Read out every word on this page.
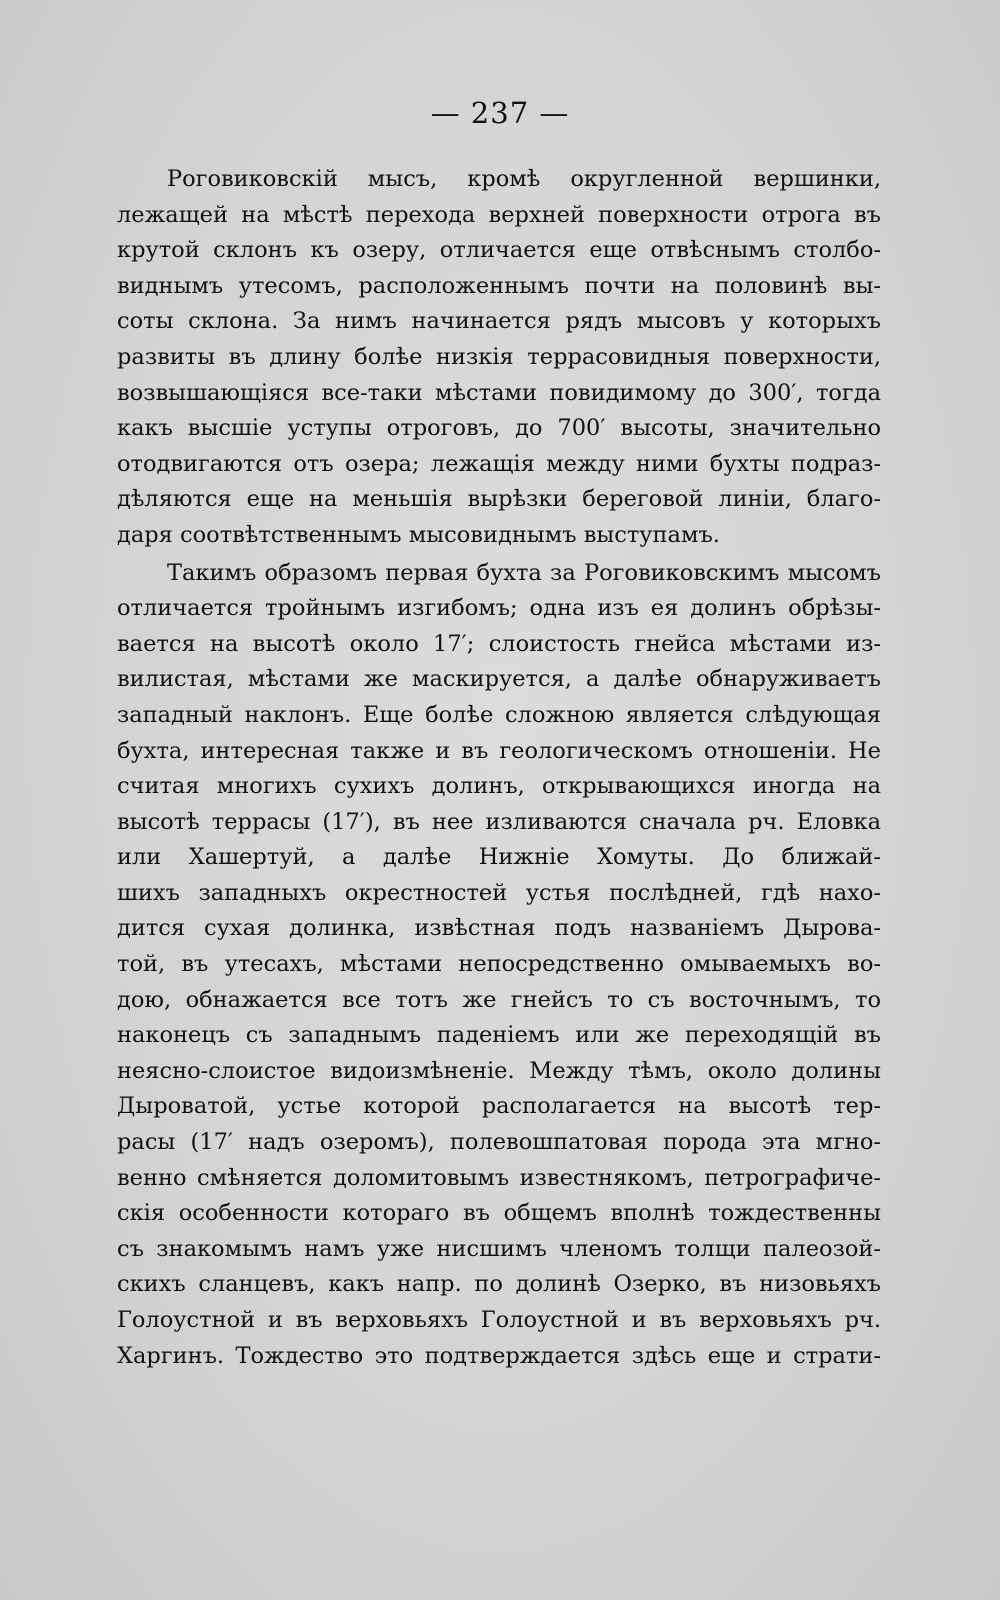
— 237 —
Роговиковскій мысъ, кромѣ округленной вершинки,
лежащей на мѣстѣ перехода верхней поверхности отрога въ
крутой склонъ къ озеру, отличается еще отвѣснымъ столбо-
виднымъ утесомъ, расположеннымъ почти на половинѣ вы-
соты склона. За нимъ начинается рядъ мысовъ у которыхъ
развиты въ длину болѣе низкія террасовидныя поверхности,
возвышающіяся все-таки мѣстами повидимому до 300′, тогда
какъ высшіе уступы отроговъ, до 700′ высоты, значительно
отодвигаются отъ озера; лежащія между ними бухты подраз-
дѣляются еще на меньшія вырѣзки береговой линіи, благо-
даря соотвѣтственнымъ мысовиднымъ выступамъ.
Такимъ образомъ первая бухта за Роговиковскимъ мысомъ
отличается тройнымъ изгибомъ; одна изъ ея долинъ обрѣзы-
вается на высотѣ около 17′; слоистость гнейса мѣстами из-
вилистая, мѣстами же маскируется, а далѣе обнаруживаетъ
западный наклонъ. Еще болѣе сложною является слѣдующая
бухта, интересная также и въ геологическомъ отношеніи. Не
считая многихъ сухихъ долинъ, открывающихся иногда на
высотѣ террасы (17′), въ нее изливаются сначала рч. Еловка
или Хашертуй, а далѣе Нижніе Хомуты. До ближай-
шихъ западныхъ окрестностей устья послѣдней, гдѣ нахо-
дится сухая долинка, извѣстная подъ названіемъ Дырова-
той, въ утесахъ, мѣстами непосредственно омываемыхъ во-
дою, обнажается все тотъ же гнейсъ то съ восточнымъ, то
наконецъ съ западнымъ паденіемъ или же переходящій въ
неясно-слоистое видоизмѣненіе. Между тѣмъ, около долины
Дыроватой, устье которой располагается на высотѣ тер-
расы (17′ надъ озеромъ), полевошпатовая порода эта мгно-
венно смѣняется доломитовымъ известнякомъ, петрографиче-
скія особенности котораго въ общемъ вполнѣ тождественны
съ знакомымъ намъ уже нисшимъ членомъ толщи палеозой-
скихъ сланцевъ, какъ напр. по долинѣ Озерко, въ низовьяхъ
Голоустной и въ верховьяхъ Голоустной и въ верховьяхъ рч.
Харгинъ. Тождество это подтверждается здѣсь еще и страти-
